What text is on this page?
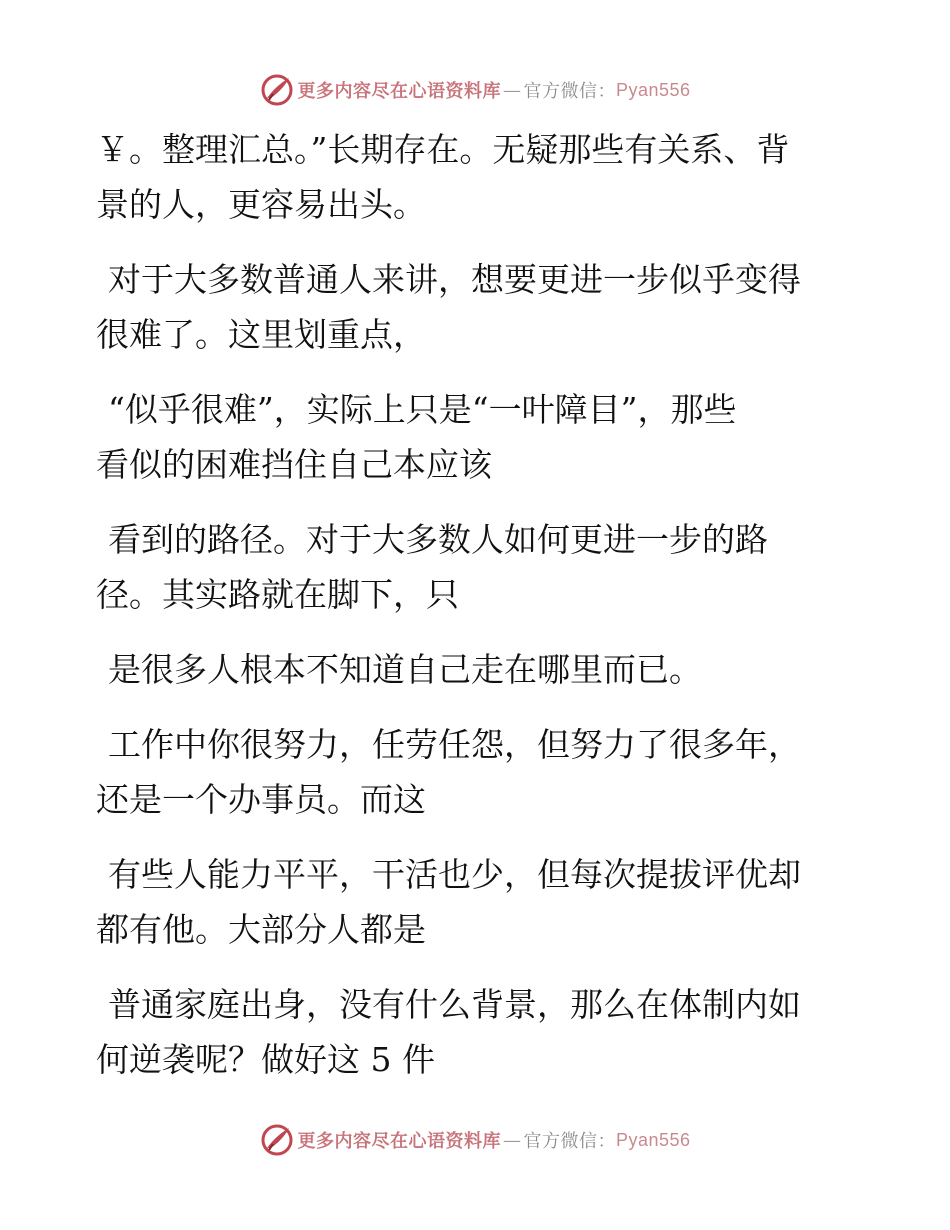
更多内容尽在心语资料库 — 官方微信： Pyan556

￥。整理汇总。”长期存在。无疑那些有关系、背
景的人，更容易出头。

对于大多数普通人来讲，想要更进一步似乎变得
很难了。这里划重点，

“似乎很难”，实际上只是“一叶障目”，那些
看似的困难挡住自己本应该

看到的路径。对于大多数人如何更进一步的路
径。其实路就在脚下，只

是很多人根本不知道自己走在哪里而已。

工作中你很努力，任劳任怨，但努力了很多年，
还是一个办事员。而这

有些人能力平平，干活也少，但每次提拔评优却
都有他。大部分人都是

普通家庭出身，没有什么背景，那么在体制内如
何逆袭呢？做好这 5 件

更多内容尽在心语资料库 — 官方微信： Pyan556
